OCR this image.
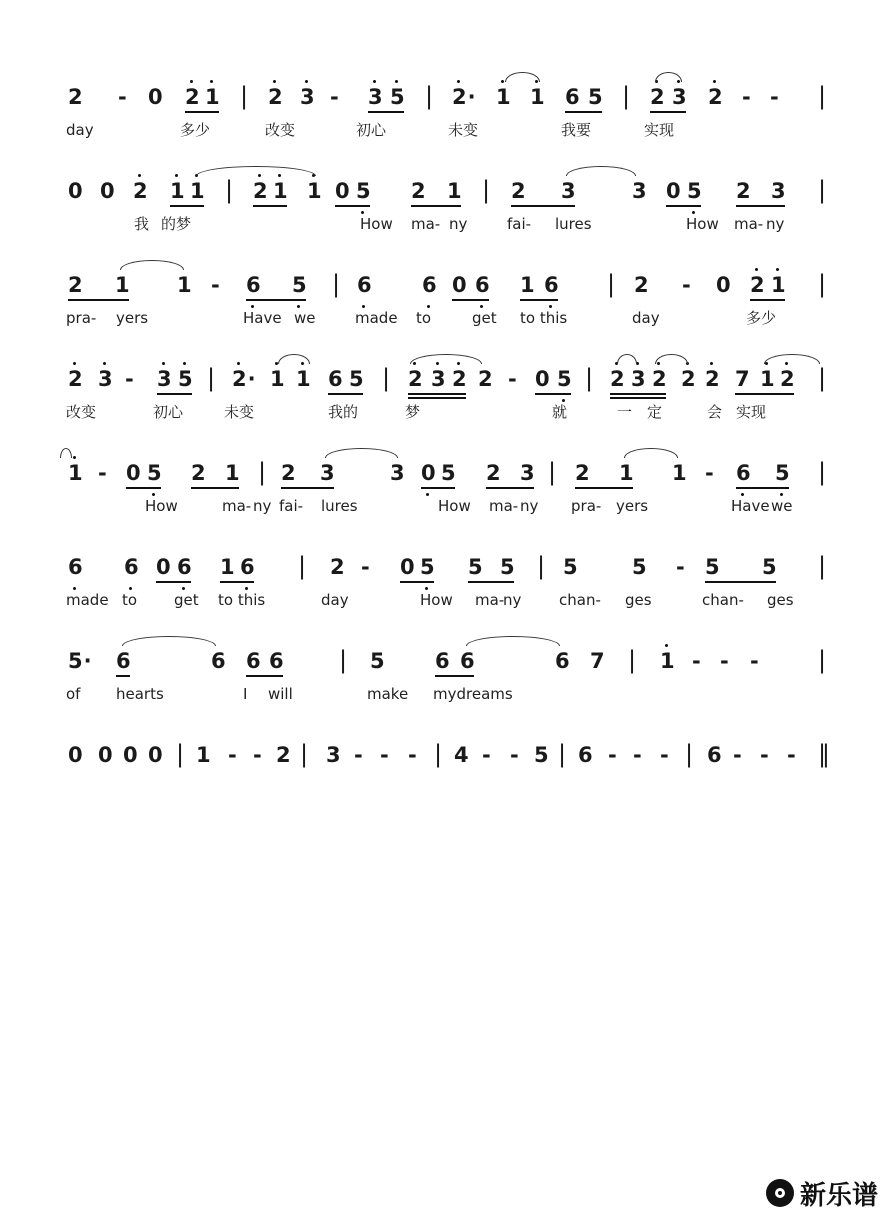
2 - 0 2 1 | 2 3 - 3 5 | 2· 1 1 6 5 | 2 3 2 - - |
day	多少	改变	初心	未变	我要	实现
0 0 2 1 1 | 2 1 1 0 5 2 1 | 2 3	3 0 5 2 3 |
我 的梦	How ma- ny	fai- lures	How ma- ny
2 1 1 - 6 5 | 6 6 0 6 1 6 | 2 - 0 2 1 |
pra- yers	Have we	made to	get to this	day	多少
2 3 - 3 5 | 2· 1 1 6 5 | 2 3 2 2 - 0 5 | 2 3 2 2 2 7 1 2 |
改变	初心	未变	我的	梦	就	一 定	会 实现
1 - 0 5 2 1 | 2 3	3 0 5 2 3 | 2 1 1 - 6 5 |
How	ma- ny fai- lures	How ma- ny pra- yers	Have we
6 6 0 6 1 6 | 2 - 0 5 5 5 | 5	5 - 5 5 |
made to get to this	day	How ma-
ny	chan- ges	chan- ges
5· 6	6 6 6 | 5 6 6	6 7 | 1 - - - |
of hearts	I will	make mydreams
0 0 0 0 | 1 - - 2 | 3 - - - | 4 - - 5 | 6 - - - | 6 - - - ‖
新乐谱
